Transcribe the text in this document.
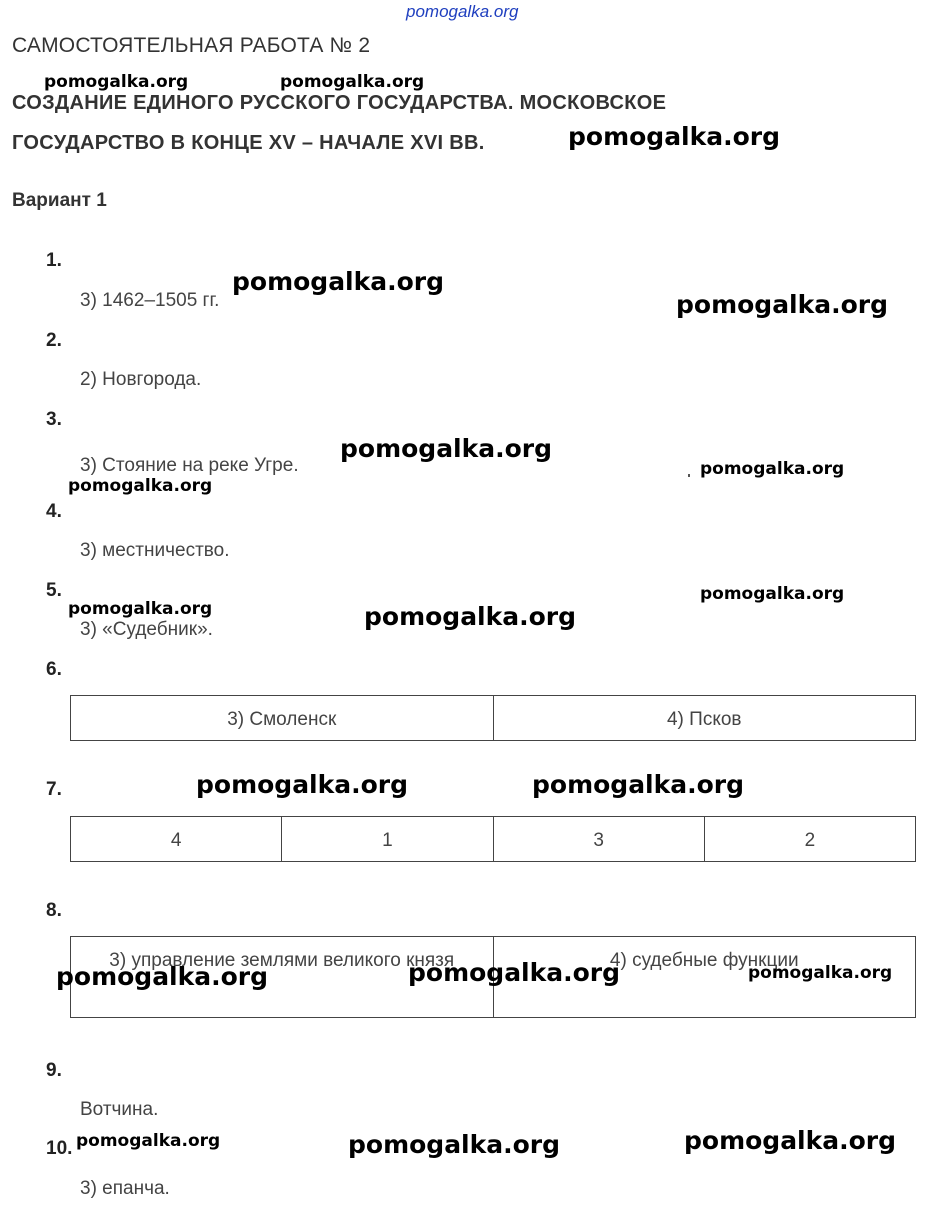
pomogalka.org
САМОСТОЯТЕЛЬНАЯ РАБОТА № 2
СОЗДАНИЕ ЕДИНОГО РУССКОГО ГОСУДАРСТВА. МОСКОВСКОЕ
ГОСУДАРСТВО В КОНЦЕ XV – НАЧАЛЕ XVI ВВ.
Вариант 1
1.
3) 1462–1505 гг.
2.
2) Новгорода.
3.
3) Стояние на реке Угре.
4.
3) местничество.
5.
3) «Судебник».
6.
3) Смоленск	4) Псков
7.
4	1	3	2
8.
3) управление землями великого князя	4) судебные функции
9.
Вотчина.
10.
3) епанча.
pomogalka.org	pomogalka.org
pomogalka.org
pomogalka.org
pomogalka.org
pomogalka.org
pomogalka.org
pomogalka.org
pomogalka.org
pomogalka.org	pomogalka.org
pomogalka.org	pomogalka.org
pomogalka.org	pomogalka.org	pomogalka.org
pomogalka.org	pomogalka.org	pomogalka.org
